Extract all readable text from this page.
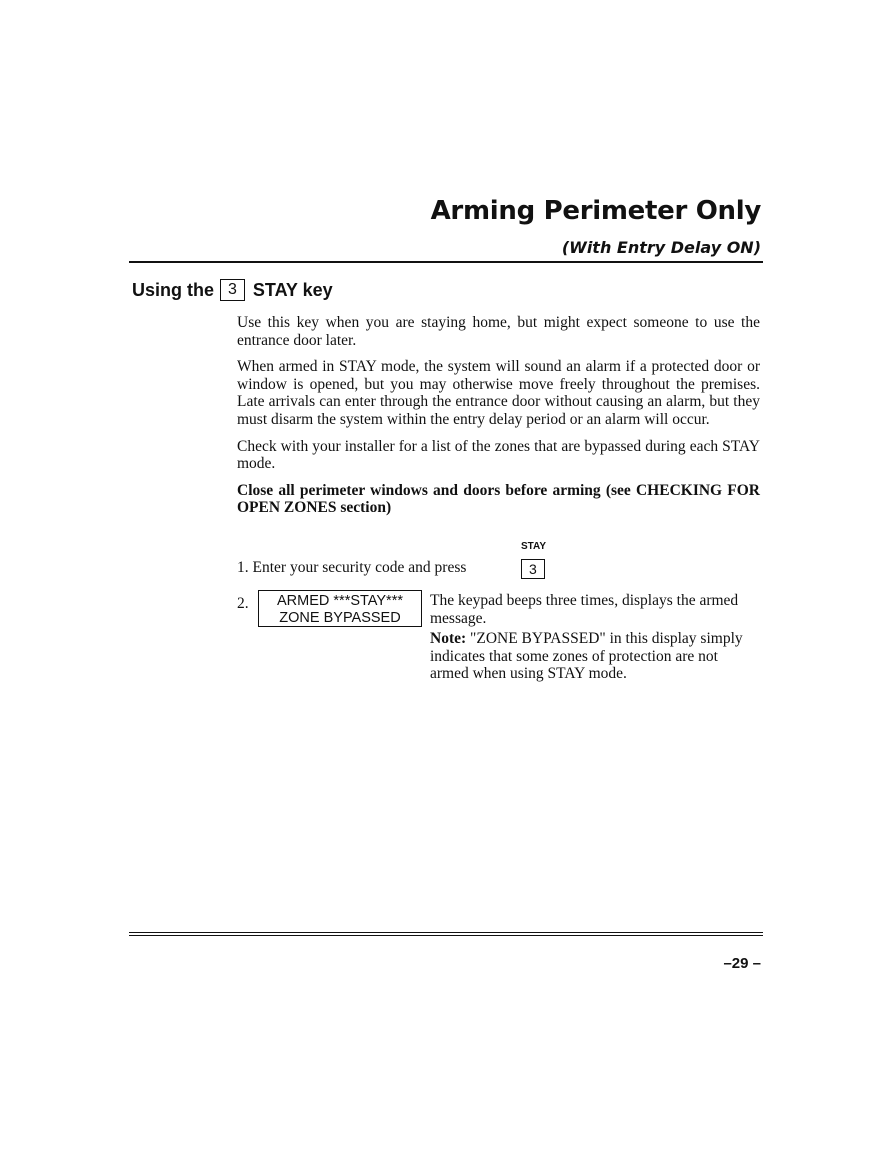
Arming Perimeter Only
(With Entry Delay ON)
Using the 3 STAY key

Use this key when you are staying home, but might expect someone to use the entrance door later.

When armed in STAY mode, the system will sound an alarm if a protected door or window is opened, but you may otherwise move freely throughout the premises. Late arrivals can enter through the entrance door without causing an alarm, but they must disarm the system within the entry delay period or an alarm will occur.

Check with your installer for a list of the zones that are bypassed during each STAY mode.

Close all perimeter windows and doors before arming (see CHECKING FOR OPEN ZONES section)

1. Enter your security code and press
STAY
3
2.	ARMED ***STAY***
ZONE BYPASSED

The keypad beeps three times, displays the armed message.

Note: "ZONE BYPASSED" in this display simply indicates that some zones of protection are not armed when using STAY mode.

–29 –
